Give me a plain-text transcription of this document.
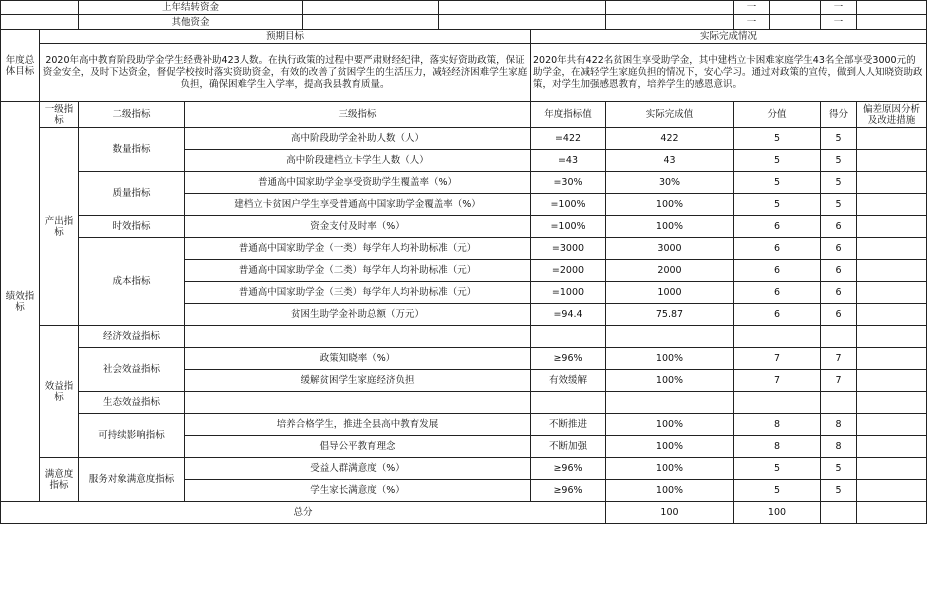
		上年结转资金						一		一	
		其他资金						一		一	
年度总体目标	预期目标					实际完成情况					
	2020年高中教育阶段助学金学生经费补助423人数。在执行政策的过程中要严肃财经纪律，落实好资助政策，保证资金安全，及时下达资金，督促学校按时落实资助资金，有效的改善了贫困学生的生活压力，减轻经济困难学生家庭负担，确保困难学生入学率，提高我县教育质量。					2020年共有422名贫困生享受助学金，其中建档立卡困难家庭学生43名全部享受3000元的助学金，在减轻学生家庭负担的情况下，安心学习。通过对政策的宣传，做到人人知晓资助政策，对学生加强感恩教育，培养学生的感恩意识。					
绩效指标	一级指标	二级指标	三级指标			年度指标值	实际完成值	分值		得分	偏差原因分析及改进措施
	产出指标	数量指标	高中阶段助学金补助人数（人）			=422	422	5		5	
			高中阶段建档立卡学生人数（人）			=43	43	5		5	
		质量指标	普通高中国家助学金享受资助学生覆盖率（%）			=30%	30%	5		5	
			建档立卡贫困户学生享受普通高中国家助学金覆盖率（%）			=100%	100%	5		5	
		时效指标	资金支付及时率（%）			=100%	100%	6		6	
		成本指标	普通高中国家助学金（一类）每学年人均补助标准（元）			=3000	3000	6		6	
			普通高中国家助学金（二类）每学年人均补助标准（元）			=2000	2000	6		6	
			普通高中国家助学金（三类）每学年人均补助标准（元）			=1000	1000	6		6	
			贫困生助学金补助总额（万元）			=94.4	75.87	6		6	
	效益指标	经济效益指标									
		社会效益指标	政策知晓率（%）			≥96%	100%	7		7	
			缓解贫困学生家庭经济负担			有效缓解	100%	7		7	
		生态效益指标									
		可持续影响指标	培养合格学生，推进全县高中教育发展			不断推进	100%	8		8	
			倡导公平教育理念			不断加强	100%	8		8	
	满意度指标	服务对象满意度指标	受益人群满意度（%）			≥96%	100%	5		5	
			学生家长满意度（%）			≥96%	100%	5		5	
总分							100	100			
